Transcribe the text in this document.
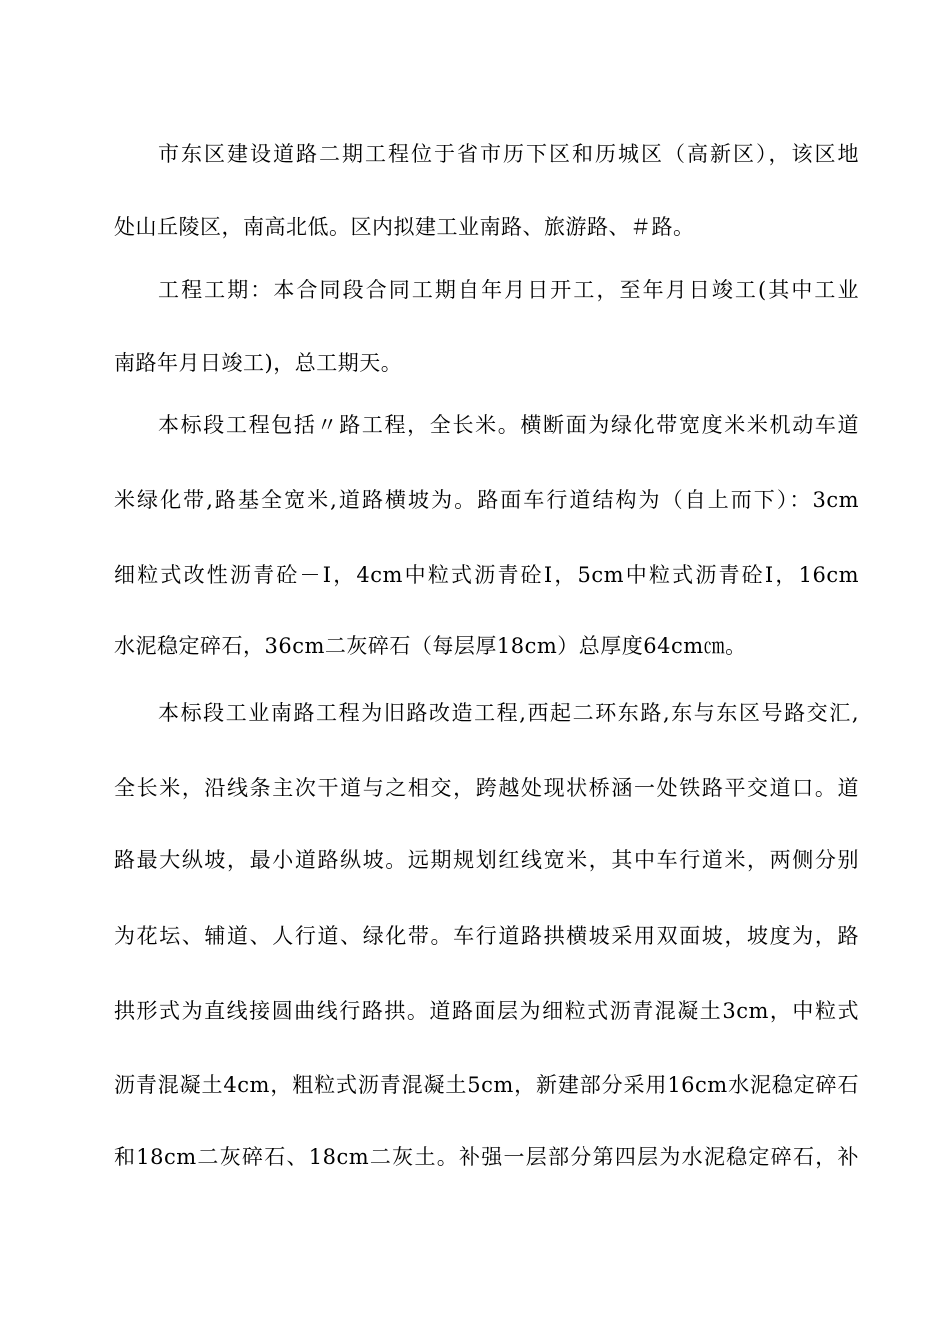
市东区建设道路二期工程位于省市历下区和历城区（高新区），该区地
处山丘陵区，南高北低。区内拟建工业南路、旅游路、＃路。
工程工期：本合同段合同工期自年月日开工，至年月日竣工(其中工业
南路年月日竣工)，总工期天。
本标段工程包括〃路工程，全长米。横断面为绿化带宽度米米机动车道
米绿化带,路基全宽米,道路横坡为。路面车行道结构为（自上而下）：3cm
细粒式改性沥青砼－Ⅰ，4cm中粒式沥青砼Ⅰ，5cm中粒式沥青砼Ⅰ，16cm
水泥稳定碎石，36cm二灰碎石（每层厚18cm）总厚度64cm㎝。
本标段工业南路工程为旧路改造工程,西起二环东路,东与东区号路交汇,
全长米，沿线条主次干道与之相交，跨越处现状桥涵一处铁路平交道口。道
路最大纵坡，最小道路纵坡。远期规划红线宽米，其中车行道米，两侧分别
为花坛、辅道、人行道、绿化带。车行道路拱横坡采用双面坡，坡度为，路
拱形式为直线接圆曲线行路拱。道路面层为细粒式沥青混凝土3cm，中粒式
沥青混凝土4cm，粗粒式沥青混凝土5cm，新建部分采用16cm水泥稳定碎石
和18cm二灰碎石、18cm二灰土。补强一层部分第四层为水泥稳定碎石，补
